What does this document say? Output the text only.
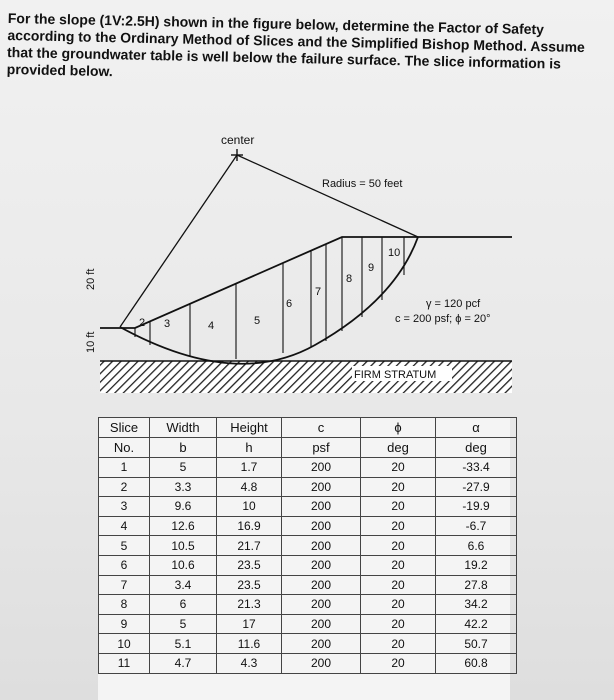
For the slope (1V:2.5H) shown in the figure below, determine the Factor of Safety according to the Ordinary Method of Slices and the Simplified Bishop Method. Assume that the groundwater table is well below the failure surface. The slice information is provided below.
2 3	4	5
6
7
8
9
10
center
Radius = 50 feet
20 ft
10 ft
γ = 120 pcf
c = 200 psf; ϕ = 20°
FIRM STRATUM
Slice	Width	Height	c	ϕ	α
No.	b	h	psf	deg	deg
1	5	1.7	200	20	-33.4
2	3.3	4.8	200	20	-27.9
3	9.6	10	200	20	-19.9
4	12.6	16.9	200	20	-6.7
5	10.5	21.7	200	20	6.6
6	10.6	23.5	200	20	19.2
7	3.4	23.5	200	20	27.8
8	6	21.3	200	20	34.2
9	5	17	200	20	42.2
10	5.1	11.6	200	20	50.7
11	4.7	4.3	200	20	60.8
